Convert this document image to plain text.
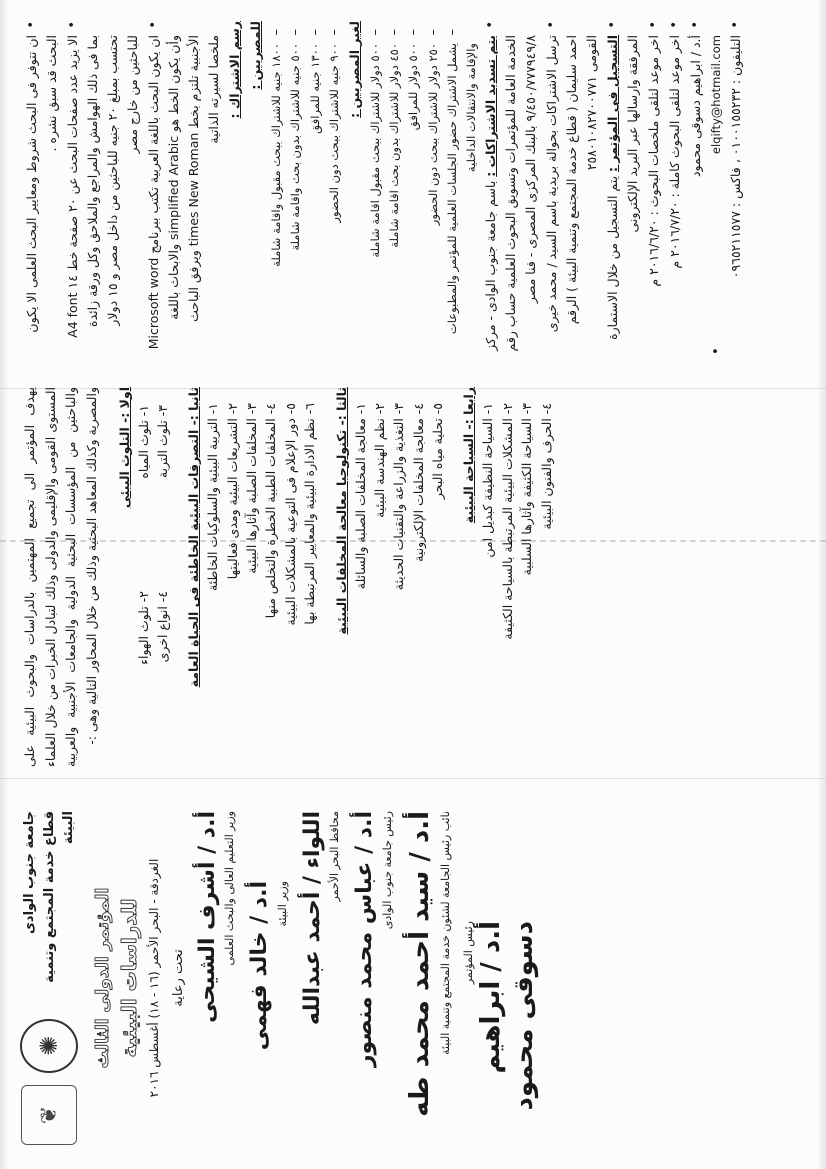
• ان تتوفر فى البحث شروط ومعايير البحث العلمى الا يكون البحث قد سبق نشره .
• الا يزيد عدد صفحات البحث عن ٢٠ صفحة خط ١٤ A4 font بما فى ذلك الهوامش والمراجع والملاحق وكل ورقة زائدة تحتسب بمبلغ ٢٠ جنيه للباحثين من داخل مصر و ١٥ دولار للباحثين من خارج مصر
• ان يكون البحث باللغة العربية تكتب ببرنامج Microsoft word وأن يكون الخط هو simplified Arabic والابحاث باللغة الأجنبية تلتزم بخط times New Roman ويرفق الباحث ملخصا لسيرته الذاتية رسم الاشتراك : للمصريين :
– ١٨٠٠ جنيه للاشتراك ببحث مقبول واقامة شاملة
– ٥٠٠ جنيه للاشتراك بدون بحث واقامة شاملة
– ١٣٠٠ جنيه للمرافق
– ٩٠٠ جنيه للاشتراك ببحث دون الحضور لغير المصريين : – ٥٠٠ دولار للاشتراك ببحث مقبول اقامة شاملة
– ٤٥٠ دولار للاشتراك بدون بحث اقامة شاملة
– ٥٠٠ دولار للمرافق
– ٢٥٠ دولار للاشتراك ببحث دون الحضور – يشمل الاشتراك حضور الجلسات العلمية للمؤتمر والمطبوعات والإقامة والانتقالات الداخلية • يتم تسديد الاشتراكات : باسم جامعة جنوب الوادى - مركز الخدمة العامة للمؤتمرات وتسويق البحوث العلمية حساب رقم ٩/٤٥٠/٧٧٧٩٤٩/٨ بالبنك المركزى المصرى - فنا مصر • ترسل الاشتراكات بحوالة بريدية باسم السيد / محمد خيرى احمد سليمان ( قطاع خدمة المجتمع وتنمية البيئة ) الرقم القومى ٢٥٨٠١٠٨٢٧٠٠٧٧١ • التسجيل فى المؤتمر : يتم التسجيل من خلال الاستمارة المرفقة وارسالها عبر البريد الإلكترونى
• اخر موعد لتلقى ملخصات البحوث : ٢٠١٦/٦/٢٠ م
• اخر موعد لتلقى البحوث كاملة : ٢٠١٦/٧/٢٠ م • أ.د / ابراهيم دسوقى محمود • elqifty@hotmail.com
• التليفون : ٠١٠٠١٥٥٢٣٢ ، فاكس : ٠٩٦٥٢١١٥٧٧

يهدف المؤتمر الى تجميع المهتمين بالدراسات والبحوث البيئية على المستوى القومى والإقليمى والدولى وذلك لتبادل الخبرات من خلال العلماء والباحثين من المؤسسات البحثية الدولية والجامعات الأجنبية والعربية والمصرية وكذلك المعاهد البحثية وذلك من خلال المحاور التالية وهى :- اولا :- التلوث البيئى ١- تلوث المياه
٢- تلوث الهواء
٣- تلوث التربة
٤- انواع اخرى ثانيا :- التصرفات البيئية الخاطئة فى الحياة العامة ١- التربية البيئية والسلوكيات الخاطئة
٢- التشريعات البيئية ومدى فعاليتها
٣- المخلفات الصلبة وآثارها البيئية
٤- المخلفات الطبية الخطرة والتخلص منها
٥- دور الإعلام فى التوعية بالمشكلات البيئية
٦- نظم الادارة البيئية والمعايير المرتبطة بها ثالثا :- تكنولوجيا معالجة المخلفات البيئية ١- معالجة المخلفات الصلبة والسائلة
٢- نظم الهندسة البيئية
٣- التغذية والزراعة والتقنيات الحديثة
٤- معالجة المخلفات الإلكترونية
٥- تحلية مياه البحر رابعا :- السياحة البيئية ١- السياحة النظيفة كبديل امن
٢- المشكلات البيئية المرتبطة بالسياحة الكثيفة
٣- السياحة الكثيفة وآثارها السلبية
٤- الحرف والفنون البيئية
جامعة جنوب الوادى قطاع خدمة المجتمع وتنمية البيئة
✺
❦
المؤتمر الدولى الثالث للدراسات البيئية
الغردقة - البحر الأحمر (١٦ - ١٨) أغسطس ٢٠١٦
تحت رعاية أ.د / أشرف الشيحى وزير التعليم العالى والبحث العلمى أ.د / خالد فهمى وزير البيئة اللواء / أحمد عبدالله محافظ البحر الأحمر أ.د / عباس محمد منصور رئيس جامعة جنوب الوادى أ.د / سيد أحمد محمد طه نائب رئيس الجامعة لشئون خدمة المجتمع وتنمية البيئة رئيس المؤتمر أ.د / ابراهيم دسوقى محمود
